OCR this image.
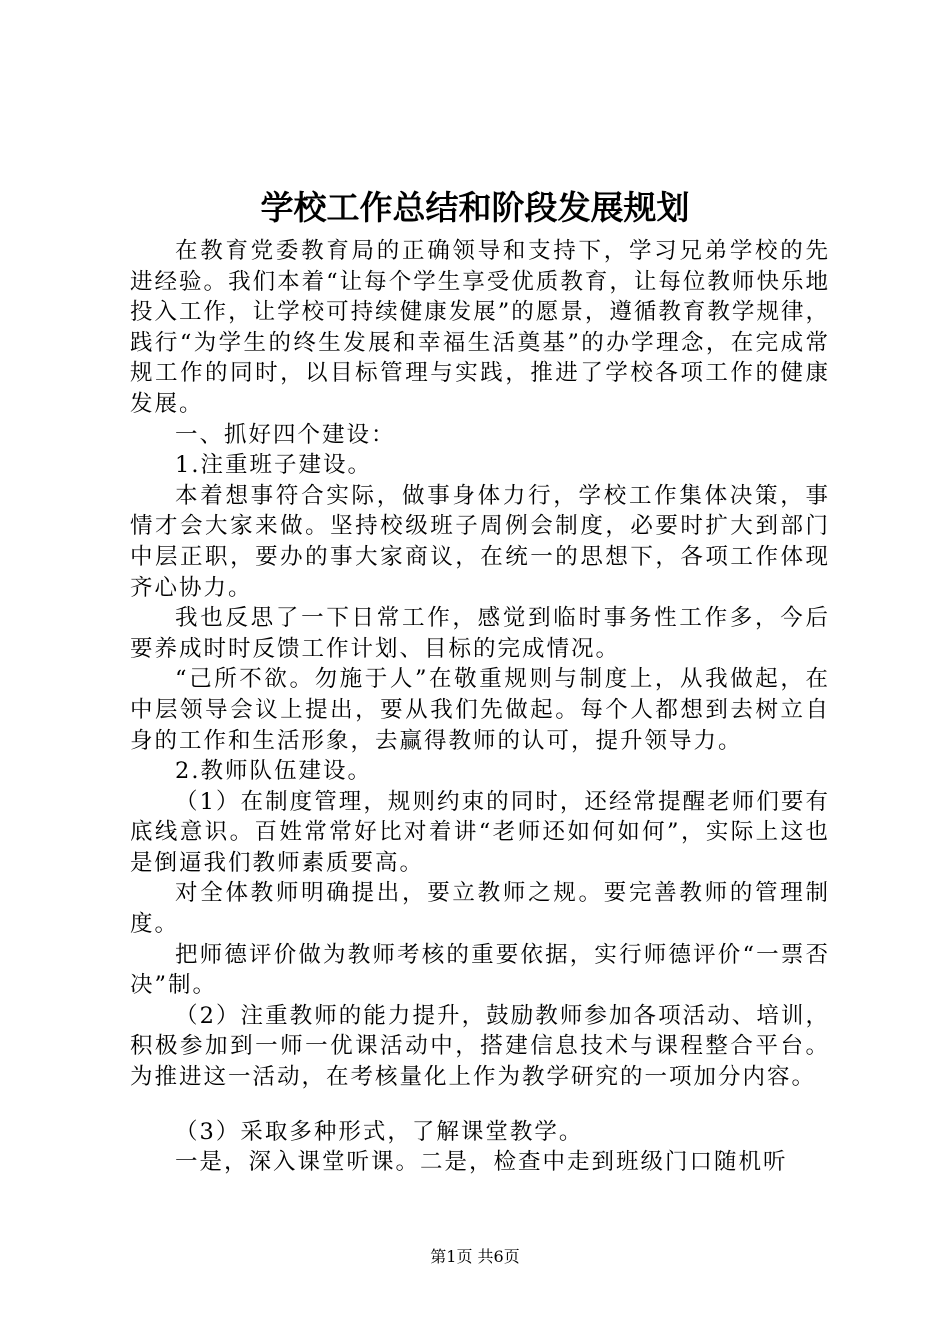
学校工作总结和阶段发展规划

在教育党委教育局的正确领导和支持下，学习兄弟学校的先进经验。我们本着“让每个学生享受优质教育，让每位教师快乐地投入工作，让学校可持续健康发展”的愿景，遵循教育教学规律，践行“为学生的终生发展和幸福生活奠基”的办学理念，在完成常规工作的同时，以目标管理与实践，推进了学校各项工作的健康发展。

一、抓好四个建设：

1.注重班子建设。

本着想事符合实际，做事身体力行，学校工作集体决策，事情才会大家来做。坚持校级班子周例会制度，必要时扩大到部门中层正职，要办的事大家商议，在统一的思想下，各项工作体现齐心协力。

我也反思了一下日常工作，感觉到临时事务性工作多，今后要养成时时反馈工作计划、目标的完成情况。

“己所不欲。勿施于人”在敬重规则与制度上，从我做起，在中层领导会议上提出，要从我们先做起。每个人都想到去树立自身的工作和生活形象，去赢得教师的认可，提升领导力。

2.教师队伍建设。

（1）在制度管理，规则约束的同时，还经常提醒老师们要有底线意识。百姓常常好比对着讲“老师还如何如何”，实际上这也是倒逼我们教师素质要高。

对全体教师明确提出，要立教师之规。要完善教师的管理制度。

把师德评价做为教师考核的重要依据，实行师德评价“一票否决”制。

（2）注重教师的能力提升，鼓励教师参加各项活动、培训，积极参加到一师一优课活动中，搭建信息技术与课程整合平台。为推进这一活动，在考核量化上作为教学研究的一项加分内容。

（3）采取多种形式，了解课堂教学。

一是，深入课堂听课。二是，检查中走到班级门口随机听

第1页 共6页
